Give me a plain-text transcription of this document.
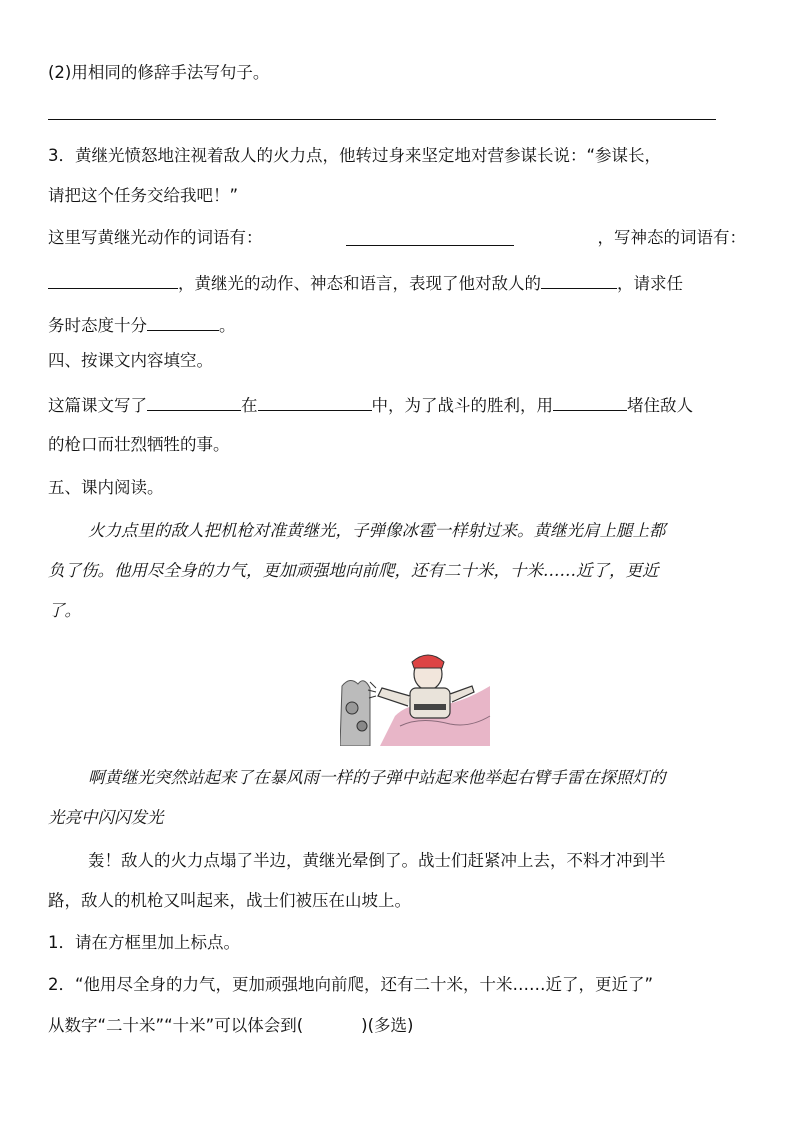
(2)用相同的修辞手法写句子。
3．黄继光愤怒地注视着敌人的火力点，他转过身来坚定地对营参谋长说：“参谋长，
请把这个任务交给我吧！”
这里写黄继光动作的词语有：	，写神态的词语有：
，黄继光的动作、神态和语言，表现了他对敌人的	，请求任
务时态度十分	。
四、按课文内容填空。
这篇课文写了	在	中，为了战斗的胜利，用	堵住敌人
的枪口而壮烈牺牲的事。
五、课内阅读。
火力点里的敌人把机枪对准黄继光，子弹像冰雹一样射过来。黄继光肩上腿上都
负了伤。他用尽全身的力气，更加顽强地向前爬，还有二十米，十米……近了，更近
了。
啊黄继光突然站起来了在暴风雨一样的子弹中站起来他举起右臂手雷在探照灯的
光亮中闪闪发光
轰！敌人的火力点塌了半边，黄继光晕倒了。战士们赶紧冲上去，不料才冲到半
路，敌人的机枪又叫起来，战士们被压在山坡上。
1．请在方框里加上标点。
2．“他用尽全身的力气，更加顽强地向前爬，还有二十米，十米……近了，更近了”
从数字“二十米”“十米”可以体会到(	)(多选)
